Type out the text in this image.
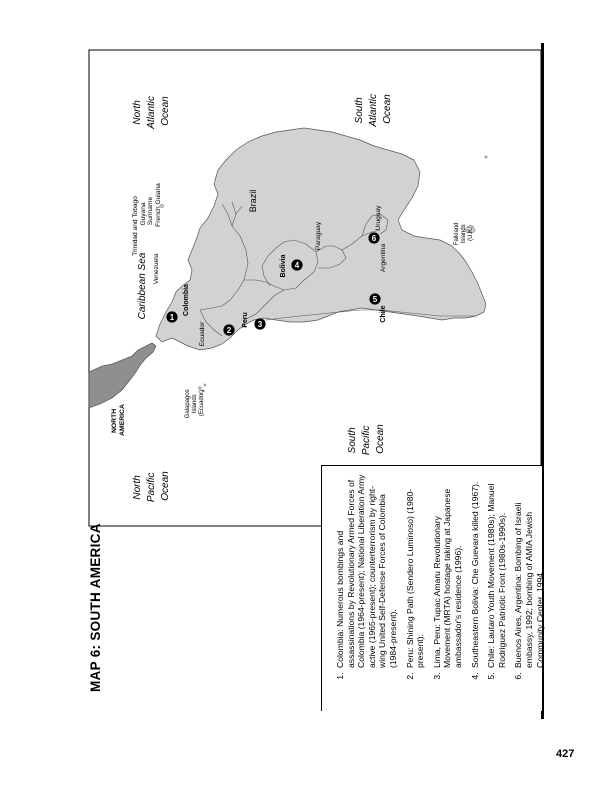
North Pacific Ocean
South Pacific Ocean
North Atlantic Ocean	South Atlantic Ocean
Caribbean Sea
NORTH AMERICA
Galapagos Islands (Ecuador)
Falkland Islands (U.K.)
Trinidad and Tobago Guyana Suriname French Guiana
Venezuela
Colombia
Ecuador
Peru
Brazil
Bolivia
Paraguay
Chile
Argentina
Uruguay
1
2
3
4
5
6
1. Colombia: Numerous bombings and assassinations by Revolutionary Armed Forces of Colombia (1964-present); National Liberation Army active (1965-present); counterterrorism by right-wing United Self-Defense Forces of Colombia (1984-present). 2. Peru: Shining Path (Sendero Luminoso) (1980-present). 3. Lima, Peru: Tupac Amaru Revolutionary Movement (MRTA) hostage taking at Japanese ambassador's residence (1996). 4. Southeastern Bolivia: Che Guevara killed (1967). 5. Chile: Lautaro Youth Movement (1980s); Manuel Rodriguez Patriotic Front (1980s-1990s). 6. Buenos Aires, Argentina: Bombing of Israeli embassy, 1992; bombing of AMIA Jewish Community Center, 1994.
MAP 6: SOUTH AMERICA
427
